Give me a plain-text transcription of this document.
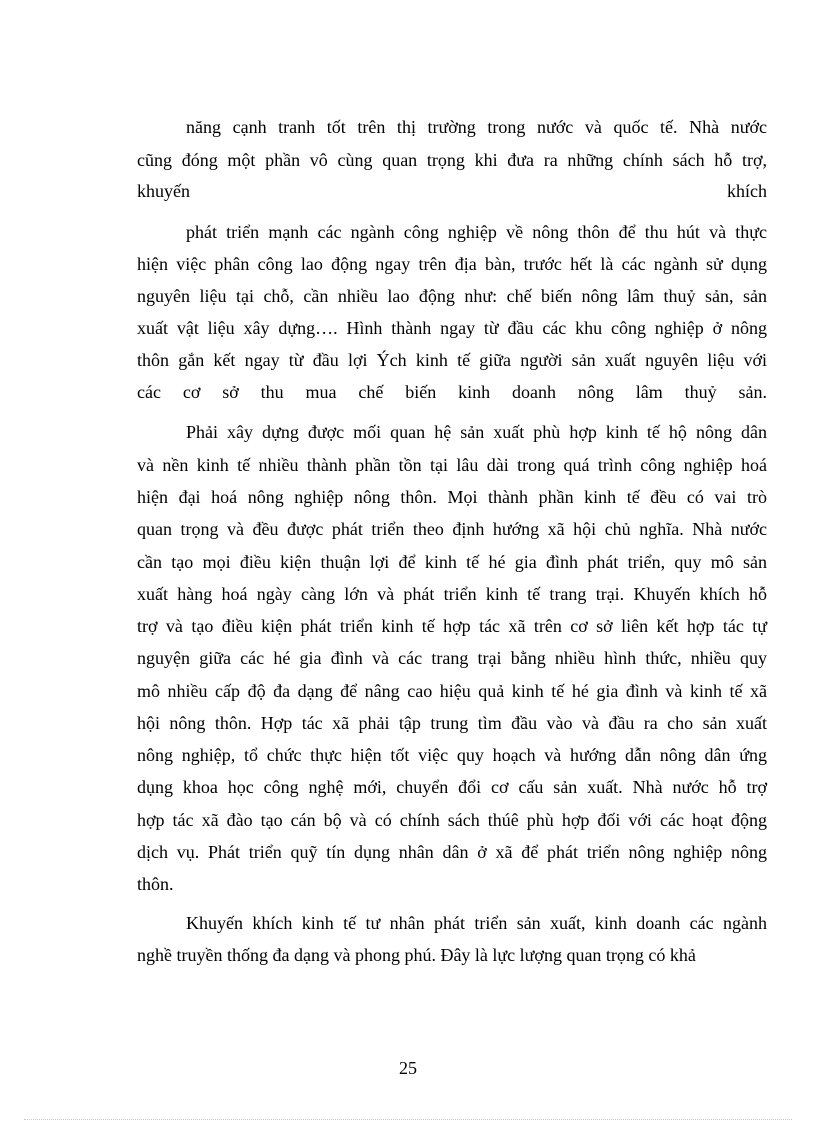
năng cạnh tranh tốt trên thị trường trong nước và quốc tế. Nhà nước
cũng đóng một phần vô cùng quan trọng khi đưa ra những chính sách hỗ trợ,
khuyến khích
phát triển mạnh các ngành công nghiệp về nông thôn để thu hút và thực
hiện việc phân công lao động ngay trên địa bàn, trước hết là các ngành sử dụng
nguyên liệu tại chỗ, cần nhiều lao động như: chế biến nông lâm thuỷ sản, sản
xuất vật liệu xây dựng…. Hình thành ngay từ đầu các khu công nghiệp ở nông
thôn gắn kết ngay từ đầu lợi Ých kinh tế giữa người sản xuất nguyên liệu với
các cơ sở thu mua chế biến kinh doanh nông lâm thuỷ sản.
Phải xây dựng được mối quan hệ sản xuất phù hợp kinh tế hộ nông dân
và nền kinh tế nhiều thành phần tồn tại lâu dài trong quá trình công nghiệp hoá
hiện đại hoá nông nghiệp nông thôn. Mọi thành phần kinh tế đều có vai trò
quan trọng và đều được phát triển theo định hướng xã hội chủ nghĩa. Nhà nước
cần tạo mọi điều kiện thuận lợi để kinh tế hé gia đình phát triển, quy mô sản
xuất hàng hoá ngày càng lớn và phát triển kinh tế trang trại. Khuyến khích hỗ
trợ và tạo điều kiện phát triển kinh tế hợp tác xã trên cơ sở liên kết hợp tác tự
nguyện giữa các hé gia đình và các trang trại bằng nhiều hình thức, nhiều quy
mô nhiều cấp độ đa dạng để nâng cao hiệu quả kinh tế hé gia đình và kinh tế xã
hội nông thôn. Hợp tác xã phải tập trung tìm đầu vào và đầu ra cho sản xuất
nông nghiệp, tổ chức thực hiện tốt việc quy hoạch và hướng dẫn nông dân ứng
dụng khoa học công nghệ mới, chuyển đổi cơ cấu sản xuất. Nhà nước hỗ trợ
hợp tác xã đào tạo cán bộ và có chính sách thúê phù hợp đối với các hoạt động
dịch vụ. Phát triển quỹ tín dụng nhân dân ở xã để phát triển nông nghiệp nông
thôn.
Khuyến khích kinh tế tư nhân phát triển sản xuất, kinh doanh các ngành
nghề truyền thống đa dạng và phong phú. Đây là lực lượng quan trọng có khả
25
